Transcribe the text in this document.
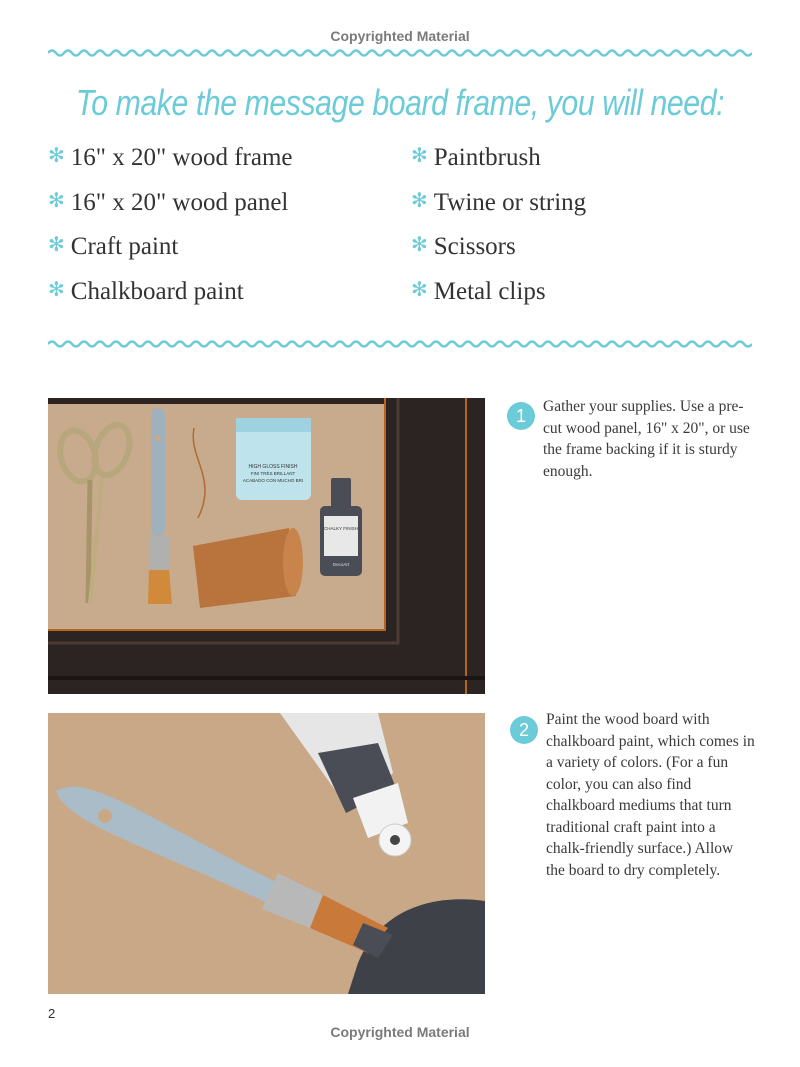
Copyrighted Material
To make the message board frame, you will need:
✻ 16" x 20" wood frame
✻ 16" x 20" wood panel
✻ Craft paint
✻ Chalkboard paint
✻ Paintbrush
✻ Twine or string
✻ Scissors
✻ Metal clips
HIGH GLOSS FINISH
FINI TRÈS BRILLANT
ACABADO CON MUCHO BRI
CHALKY FINISH
DecoArt
1	Gather your supplies. Use a pre-cut wood panel, 16" x 20", or use the frame backing if it is sturdy enough.
2
Paint the wood board with chalkboard paint, which comes in a variety of colors. (For a fun color, you can also find chalkboard mediums that turn traditional craft paint into a chalk-friendly surface.) Allow the board to dry completely.
2
Copyrighted Material
